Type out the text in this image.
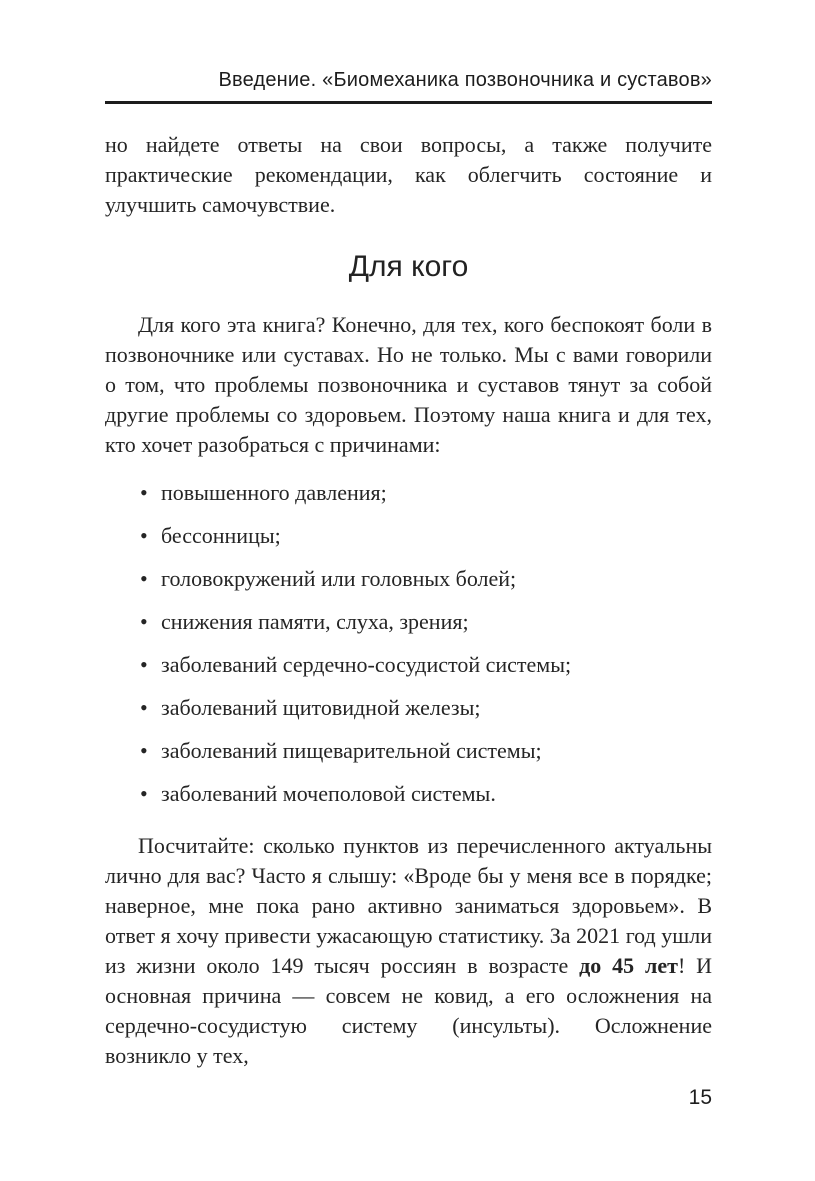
Введение. «Биомеханика позвоночника и суставов»

но найдете ответы на свои вопросы, а также получите практические рекомендации, как облегчить состояние и улучшить самочувствие.

Для кого

Для кого эта книга? Конечно, для тех, кого беспокоят боли в позвоночнике или суставах. Но не только. Мы с вами говорили о том, что проблемы позвоночника и суставов тянут за собой другие проблемы со здоровьем. Поэтому наша книга и для тех, кто хочет разобраться с причинами:

• повышенного давления;
• бессонницы;
• головокружений или головных болей;
• снижения памяти, слуха, зрения;
• заболеваний сердечно-сосудистой системы;
• заболеваний щитовидной железы;
• заболеваний пищеварительной системы;
• заболеваний мочеполовой системы.

Посчитайте: сколько пунктов из перечисленного актуальны лично для вас? Часто я слышу: «Вроде бы у меня все в порядке; наверное, мне пока рано активно заниматься здоровьем». В ответ я хочу привести ужасающую статистику. За 2021 год ушли из жизни около 149 тысяч россиян в возрасте до 45 лет! И основная причина — совсем не ковид, а его осложнения на сердечно-сосудистую систему (инсульты). Осложнение возникло у тех,

15
